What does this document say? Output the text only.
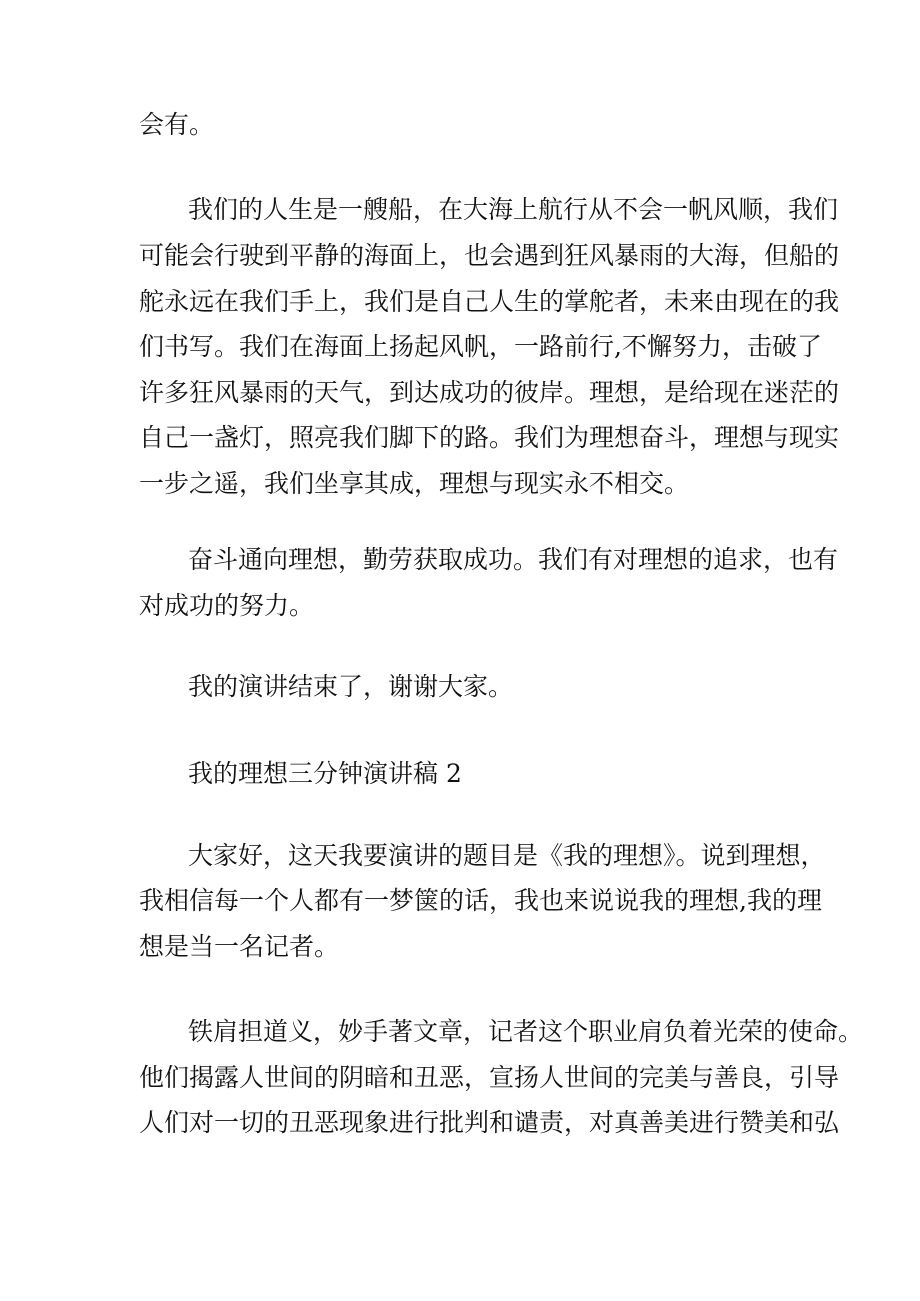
会有。
我们的人生是一艘船，在大海上航行从不会一帆风顺，我们
可能会行驶到平静的海面上，也会遇到狂风暴雨的大海，但船的
舵永远在我们手上，我们是自己人生的掌舵者，未来由现在的我
们书写。我们在海面上扬起风帆，一路前行,不懈努力，击破了
许多狂风暴雨的天气，到达成功的彼岸。理想，是给现在迷茫的
自己一盏灯，照亮我们脚下的路。我们为理想奋斗，理想与现实
一步之遥，我们坐享其成，理想与现实永不相交。
奋斗通向理想，勤劳获取成功。我们有对理想的追求，也有
对成功的努力。
我的演讲结束了，谢谢大家。
我的理想三分钟演讲稿 2
大家好，这天我要演讲的题目是《我的理想》。说到理想，
我相信每一个人都有一梦箧的话，我也来说说我的理想,我的理
想是当一名记者。
铁肩担道义，妙手著文章，记者这个职业肩负着光荣的使命。
他们揭露人世间的阴暗和丑恶，宣扬人世间的完美与善良，引导
人们对一切的丑恶现象进行批判和谴责，对真善美进行赞美和弘
